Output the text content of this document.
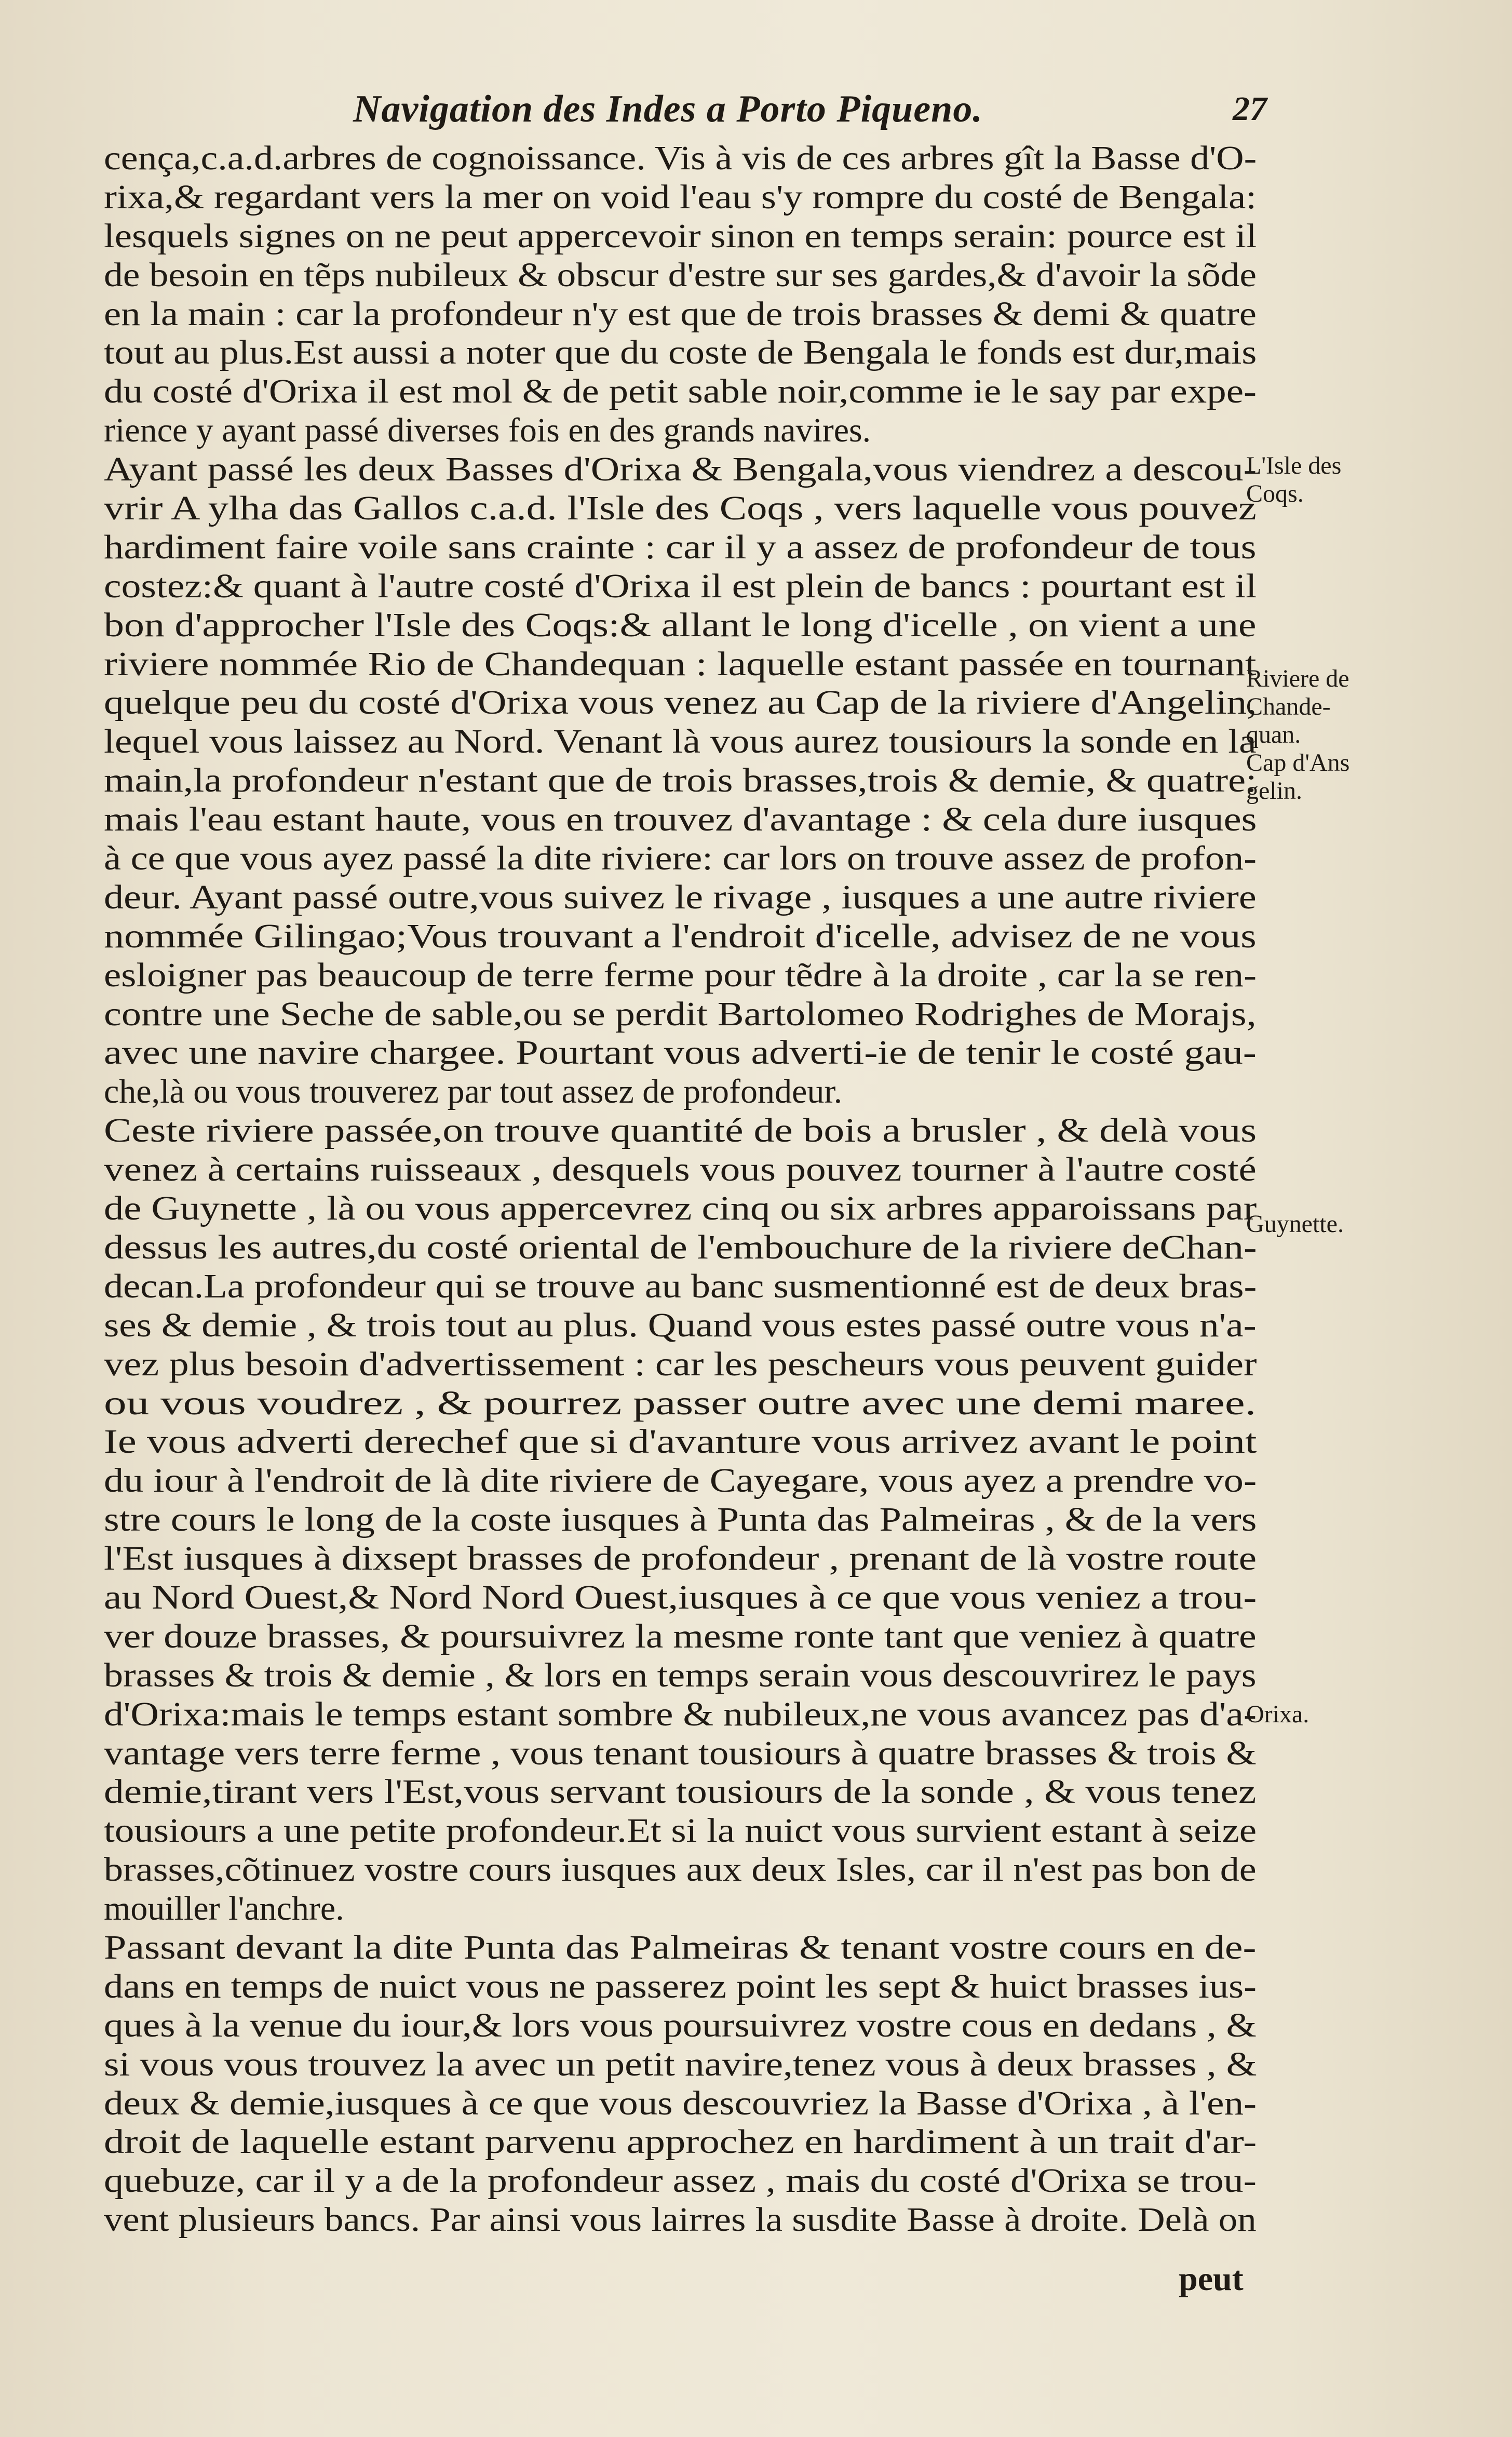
Navigation des Indes a Porto Piqueno.	27
cença,c.a.d.arbres de cognoissance. Vis à vis de ces arbres gît la Basse d'O-
rixa,& regardant vers la mer on void l'eau s'y rompre du costé de Bengala:
lesquels signes on ne peut appercevoir sinon en temps serain: pource est il
de besoin en tẽps nubileux & obscur d'estre sur ses gardes,& d'avoir la sõde
en la main : car la profondeur n'y est que de trois brasses & demi & quatre
tout au plus.Est aussi a noter que du coste de Bengala le fonds est dur,mais
du costé d'Orixa il est mol & de petit sable noir,comme ie le say par expe-
rience y ayant passé diverses fois en des grands navires.
Ayant passé les deux Basses d'Orixa & Bengala,vous viendrez a descou-
vrir A ylha das Gallos c.a.d. l'Isle des Coqs , vers laquelle vous pouvez
hardiment faire voile sans crainte : car il y a assez de profondeur de tous
costez:& quant à l'autre costé d'Orixa il est plein de bancs : pourtant est il
bon d'approcher l'Isle des Coqs:& allant le long d'icelle , on vient a une
riviere nommée Rio de Chandequan : laquelle estant passée en tournant
quelque peu du costé d'Orixa vous venez au Cap de la riviere d'Angelin,
lequel vous laissez au Nord. Venant là vous aurez tousiours la sonde en la
main,la profondeur n'estant que de trois brasses,trois & demie, & quatre:
mais l'eau estant haute, vous en trouvez d'avantage : & cela dure iusques
à ce que vous ayez passé la dite riviere: car lors on trouve assez de profon-
deur. Ayant passé outre,vous suivez le rivage , iusques a une autre riviere
nommée Gilingao;Vous trouvant a l'endroit d'icelle, advisez de ne vous
esloigner pas beaucoup de terre ferme pour tẽdre à la droite , car la se ren-
contre une Seche de sable,ou se perdit Bartolomeo Rodrighes de Morajs,
avec une navire chargee. Pourtant vous adverti-ie de tenir le costé gau-
che,là ou vous trouverez par tout assez de profondeur.
Ceste riviere passée,on trouve quantité de bois a brusler , & delà vous
venez à certains ruisseaux , desquels vous pouvez tourner à l'autre costé
de Guynette , là ou vous appercevrez cinq ou six arbres apparoissans par
dessus les autres,du costé oriental de l'embouchure de la riviere deChan-
decan.La profondeur qui se trouve au banc susmentionné est de deux bras-
ses & demie , & trois tout au plus. Quand vous estes passé outre vous n'a-
vez plus besoin d'advertissement : car les pescheurs vous peuvent guider
ou vous voudrez , & pourrez passer outre avec une demi maree.
Ie vous adverti derechef que si d'avanture vous arrivez avant le point
du iour à l'endroit de là dite riviere de Cayegare, vous ayez a prendre vo-
stre cours le long de la coste iusques à Punta das Palmeiras , & de la vers
l'Est iusques à dixsept brasses de profondeur , prenant de là vostre route
au Nord Ouest,& Nord Nord Ouest,iusques à ce que vous veniez a trou-
ver douze brasses, & poursuivrez la mesme ronte tant que veniez à quatre
brasses & trois & demie , & lors en temps serain vous descouvrirez le pays
d'Orixa:mais le temps estant sombre & nubileux,ne vous avancez pas d'a-
vantage vers terre ferme , vous tenant tousiours à quatre brasses & trois &
demie,tirant vers l'Est,vous servant tousiours de la sonde , & vous tenez
tousiours a une petite profondeur.Et si la nuict vous survient estant à seize
brasses,cõtinuez vostre cours iusques aux deux Isles, car il n'est pas bon de
mouiller l'anchre.
Passant devant la dite Punta das Palmeiras & tenant vostre cours en de-
dans en temps de nuict vous ne passerez point les sept & huict brasses ius-
ques à la venue du iour,& lors vous poursuivrez vostre cous en dedans , &
si vous vous trouvez la avec un petit navire,tenez vous à deux brasses , &
deux & demie,iusques à ce que vous descouvriez la Basse d'Orixa , à l'en-
droit de laquelle estant parvenu approchez en hardiment à un trait d'ar-
quebuze, car il y a de la profondeur assez , mais du costé d'Orixa se trou-
vent plusieurs bancs. Par ainsi vous lairres la susdite Basse à droite. Delà on
L'Isle des
Coqs.
Riviere de
Chande-
quan.
Cap d'Ans
gelin.
Guynette.
Orixa.
peut
